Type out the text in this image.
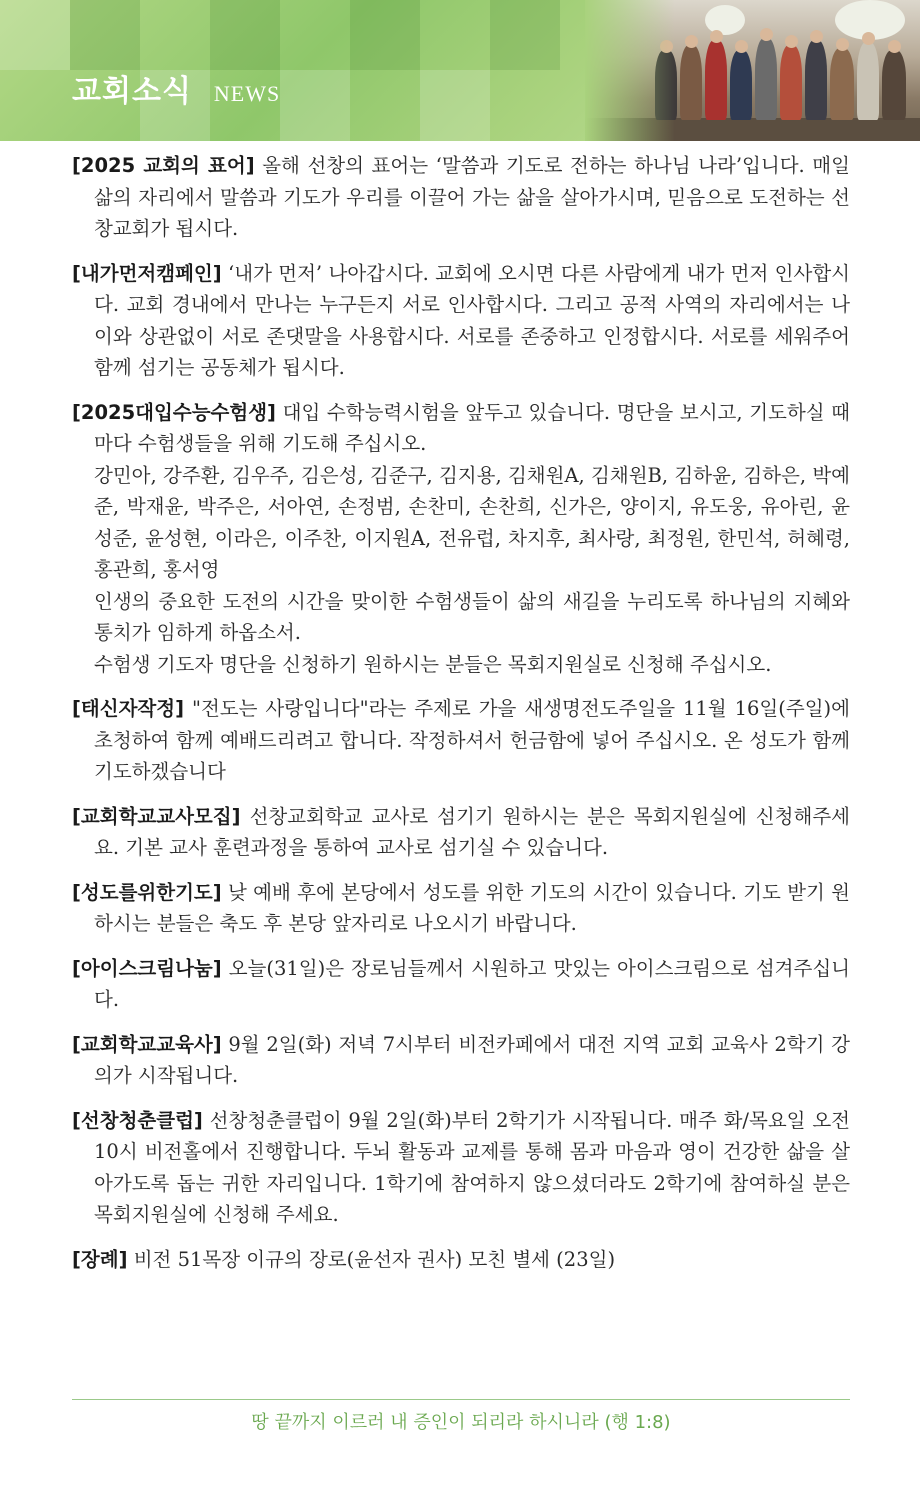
교회소식 NEWS

[2025 교회의 표어] 올해 선창의 표어는 ‘말씀과 기도로 전하는 하나님 나라’입니다. 매일 삶의 자리에서 말씀과 기도가 우리를 이끌어 가는 삶을 살아가시며, 믿음으로 도전하는 선창교회가 됩시다.

[내가먼저캠페인] ‘내가 먼저’ 나아갑시다. 교회에 오시면 다른 사람에게 내가 먼저 인사합시다. 교회 경내에서 만나는 누구든지 서로 인사합시다. 그리고 공적 사역의 자리에서는 나이와 상관없이 서로 존댓말을 사용합시다. 서로를 존중하고 인정합시다. 서로를 세워주어 함께 섬기는 공동체가 됩시다.

[2025대입수능수험생] 대입 수학능력시험을 앞두고 있습니다. 명단을 보시고, 기도하실 때마다 수험생들을 위해 기도해 주십시오.

강민아, 강주환, 김우주, 김은성, 김준구, 김지용, 김채원A, 김채원B, 김하윤, 김하은, 박예준, 박재윤, 박주은, 서아연, 손정범, 손찬미, 손찬희, 신가은, 양이지, 유도웅, 유아린, 윤성준, 윤성현, 이라은, 이주찬, 이지원A, 전유럽, 차지후, 최사랑, 최정원, 한민석, 허혜령, 홍관희, 홍서영

인생의 중요한 도전의 시간을 맞이한 수험생들이 삶의 새길을 누리도록 하나님의 지혜와 통치가 임하게 하옵소서.

수험생 기도자 명단을 신청하기 원하시는 분들은 목회지원실로 신청해 주십시오.

[태신자작정] "전도는 사랑입니다"라는 주제로 가을 새생명전도주일을 11월 16일(주일)에 초청하여 함께 예배드리려고 합니다. 작정하셔서 헌금함에 넣어 주십시오. 온 성도가 함께 기도하겠습니다

[교회학교교사모집] 선창교회학교 교사로 섬기기 원하시는 분은 목회지원실에 신청해주세요. 기본 교사 훈련과정을 통하여 교사로 섬기실 수 있습니다.

[성도를위한기도] 낮 예배 후에 본당에서 성도를 위한 기도의 시간이 있습니다. 기도 받기 원하시는 분들은 축도 후 본당 앞자리로 나오시기 바랍니다.

[아이스크림나눔] 오늘(31일)은 장로님들께서 시원하고 맛있는 아이스크림으로 섬겨주십니다.

[교회학교교육사] 9월 2일(화) 저녁 7시부터 비전카페에서 대전 지역 교회 교육사 2학기 강의가 시작됩니다.

[선창청춘클럽] 선창청춘클럽이 9월 2일(화)부터 2학기가 시작됩니다. 매주 화/목요일 오전 10시 비전홀에서 진행합니다. 두뇌 활동과 교제를 통해 몸과 마음과 영이 건강한 삶을 살아가도록 돕는 귀한 자리입니다. 1학기에 참여하지 않으셨더라도 2학기에 참여하실 분은 목회지원실에 신청해 주세요.

[장례] 비전 51목장 이규의 장로(윤선자 권사) 모친 별세 (23일)

땅 끝까지 이르러 내 증인이 되리라 하시니라 (행 1:8)
